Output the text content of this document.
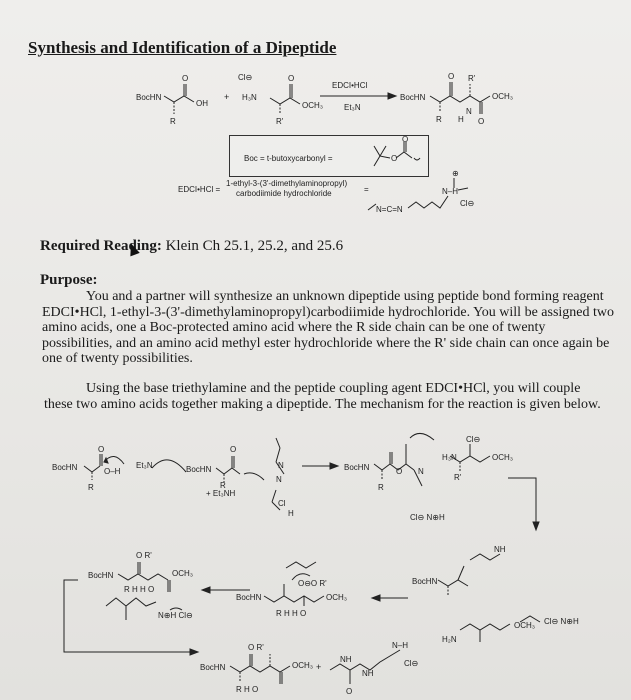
Synthesis and Identification of a Dipeptide
BocHN
O
OH
R
+
Cl⊖
H₃N
O
OCH₃
R'
EDCI•HCl
Et₃N
BocHN
O R'
OCH₃
R H O
N
Boc = t-butoxycarbonyl =	O
O
EDCI•HCl =
1-ethyl-3-(3'-dimethylaminopropyl)
carbodiimide hydrochloride	=
N=C=N
N–H
Cl⊖
⊕
Required Reading: Klein Ch 25.1, 25.2, and 25.6
Purpose:
You and a partner will synthesize an unknown dipeptide using peptide bond forming reagent EDCI•HCl, 1-ethyl-3-(3'-dimethylaminopropyl)carbodiimide hydrochloride. You will be assigned two amino acids, one a Boc-protected amino acid where the R side chain can be one of twenty possibilities, and an amino acid methyl ester hydrochloride where the R' side chain can once again be one of twenty possibilities.
Using the base triethylamine and the peptide coupling agent EDCI•HCl, you will couple these two amino acids together making a dipeptide. The mechanism for the reaction is given below.
BocHN	O–H
Et₃N
R
O
BocHN
+ Et₃NH
R
O
N
N
Cl
H
BocHN
R
O N
Cl⊖ N⊕H
H₃N	OCH₃
R'
Cl⊖
BocHN	OCH₃
R H H O
O R'
N⊕H Cl⊖
BocHN	OCH₃
R H H O
O⊖O R'	BocHN
OCH₃
H₂N
Cl⊖ N⊕H
NH
BocHN	OCH₃
R H O
O R'
+
NH
NH
O
N–H
Cl⊖
